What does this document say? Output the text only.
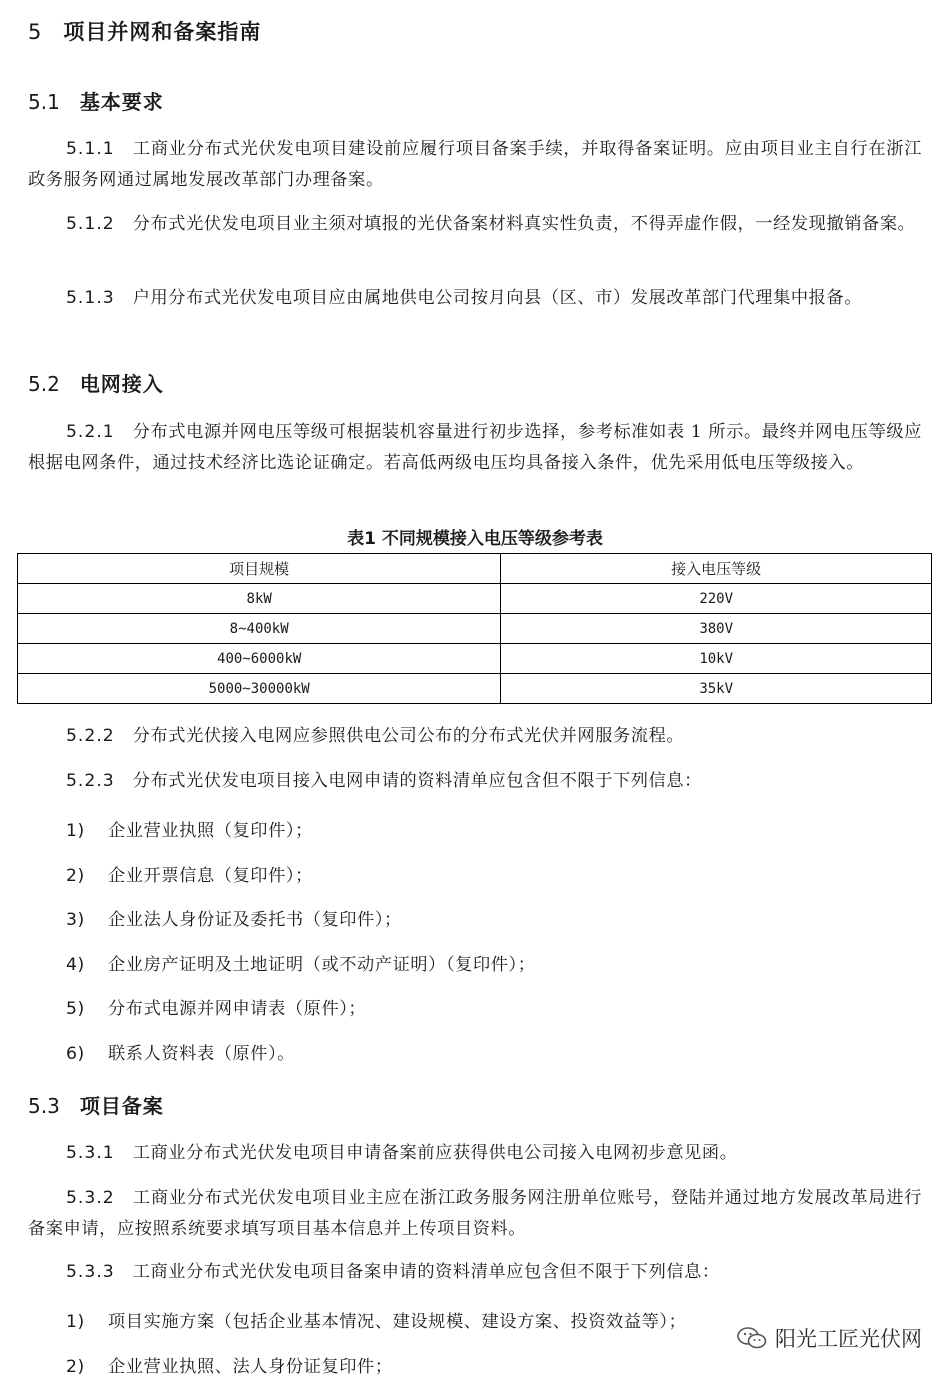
5 项目并网和备案指南
5.1 基本要求
5.1.1 工商业分布式光伏发电项目建设前应履行项目备案手续，并取得备案证明。应由项目业主自行在浙江政务服务网通过属地发展改革部门办理备案。
5.1.2 分布式光伏发电项目业主须对填报的光伏备案材料真实性负责，不得弄虚作假，一经发现撤销备案。
5.1.3 户用分布式光伏发电项目应由属地供电公司按月向县（区、市）发展改革部门代理集中报备。
5.2 电网接入
5.2.1 分布式电源并网电压等级可根据装机容量进行初步选择，参考标准如表 1 所示。最终并网电压等级应根据电网条件，通过技术经济比选论证确定。若高低两级电压均具备接入条件，优先采用低电压等级接入。
表1 不同规模接入电压等级参考表
项目规模	接入电压等级
8kW	220V
8~400kW	380V
400~6000kW	10kV
5000~30000kW	35kV
5.2.2 分布式光伏接入电网应参照供电公司公布的分布式光伏并网服务流程。
5.2.3 分布式光伏发电项目接入电网申请的资料清单应包含但不限于下列信息：
1) 企业营业执照（复印件）；
2) 企业开票信息（复印件）；
3) 企业法人身份证及委托书（复印件）；
4) 企业房产证明及土地证明（或不动产证明）（复印件）；
5) 分布式电源并网申请表（原件）；
6) 联系人资料表（原件）。
5.3 项目备案
5.3.1 工商业分布式光伏发电项目申请备案前应获得供电公司接入电网初步意见函。
5.3.2 工商业分布式光伏发电项目业主应在浙江政务服务网注册单位账号，登陆并通过地方发展改革局进行备案申请，应按照系统要求填写项目基本信息并上传项目资料。
5.3.3 工商业分布式光伏发电项目备案申请的资料清单应包含但不限于下列信息：
1) 项目实施方案（包括企业基本情况、建设规模、建设方案、投资效益等）；
2) 企业营业执照、法人身份证复印件；
阳光工匠光伏网
